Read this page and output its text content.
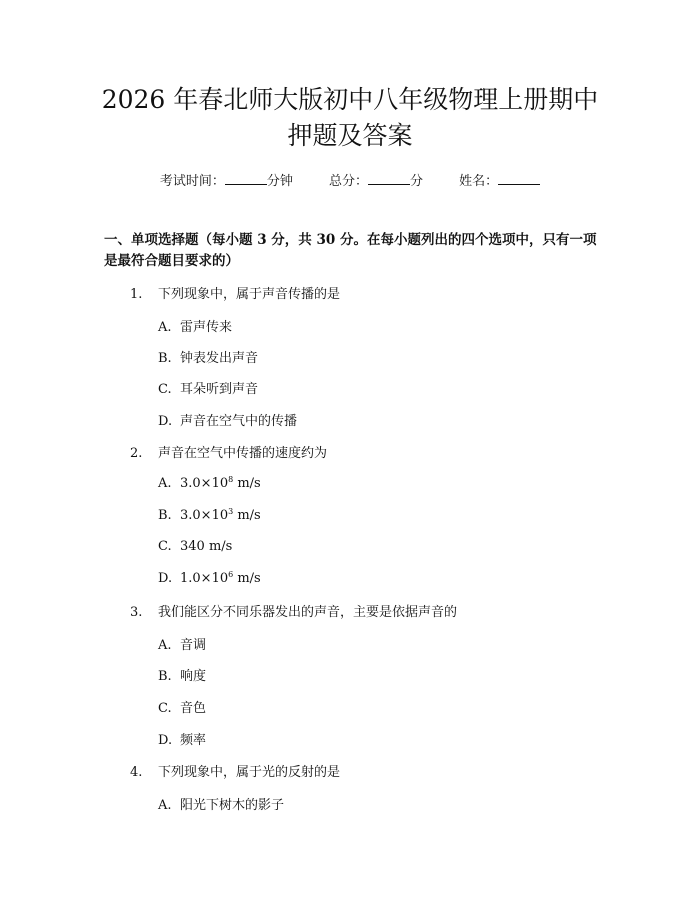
2026 年春北师大版初中八年级物理上册期中
押题及答案
考试时间：	分钟	总分：	分	姓名：

一、单项选择题（每小题 3 分，共 30 分。在每小题列出的四个选项中，只有一项是最符合题目要求的）

1. 下列现象中，属于声音传播的是
A. 雷声传来
B. 钟表发出声音
C. 耳朵听到声音
D. 声音在空气中的传播
2. 声音在空气中传播的速度约为
A. $3.0\times 10^8$ m/s
B. $3.0\times 10^3$ m/s
C. 340 m/s
D. $1.0\times 10^6$ m/s
3. 我们能区分不同乐器发出的声音，主要是依据声音的
A. 音调
B. 响度
C. 音色
D. 频率
4. 下列现象中，属于光的反射的是
A. 阳光下树木的影子
